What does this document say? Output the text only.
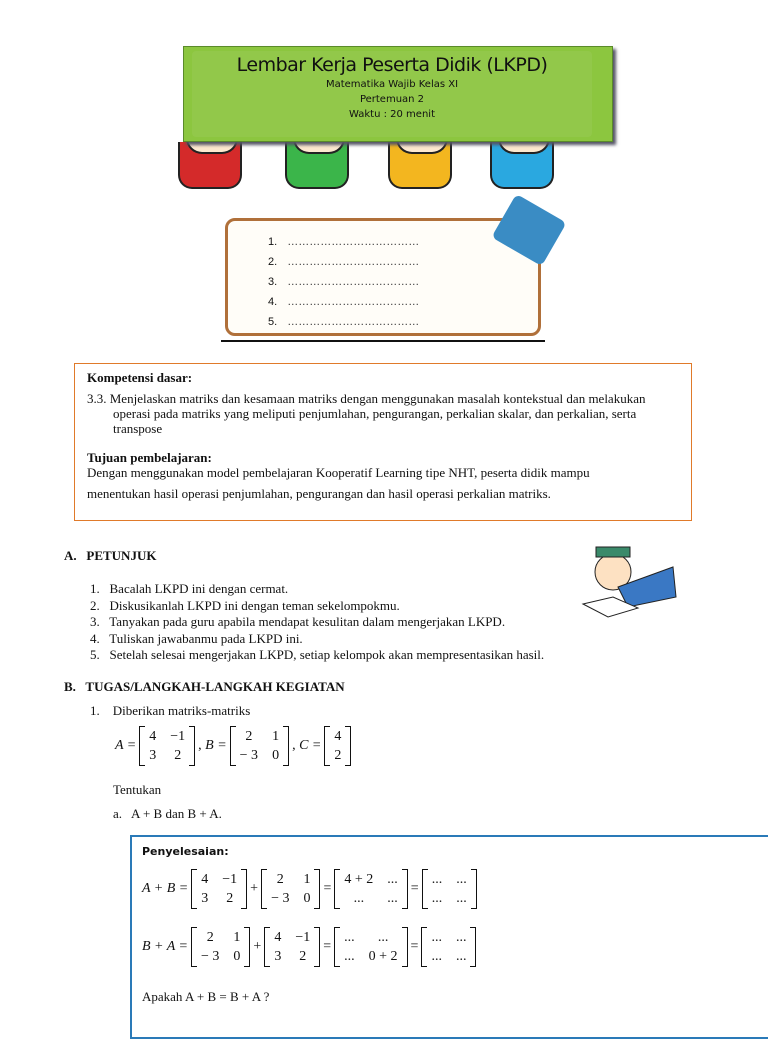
Lembar Kerja Peserta Didik (LKPD)
Matematika Wajib Kelas XI
Pertemuan 2
Waktu : 20 menit
1. ………………………………
2. ………………………………
3. ………………………………
4. ………………………………
5. ………………………………

Kompetensi dasar:

3.3. Menjelaskan matriks dan kesamaan matriks dengan menggunakan masalah kontekstual dan melakukan

operasi pada matriks yang meliputi penjumlahan, pengurangan, perkalian skalar, dan perkalian, serta

transpose

Tujuan pembelajaran:

Dengan menggunakan model pembelajaran Kooperatif Learning tipe NHT, peserta didik mampu

menentukan hasil operasi penjumlahan, pengurangan dan hasil operasi perkalian matriks.

A.   PETUNJUK
1.   Bacalah LKPD ini dengan cermat.
2.   Diskusikanlah LKPD ini dengan teman sekelompokmu.
3.   Tanyakan pada guru apabila mendapat kesulitan dalam mengerjakan LKPD.
4.   Tuliskan jawabanmu pada LKPD ini.
5.   Setelah selesai mengerjakan LKPD, setiap kelompok akan mempresentasikan hasil.
B.   TUGAS/LANGKAH-LANGKAH KEGIATAN
1.    Diberikan matriks-matriks
A =
4 −1
3 2
, B =
2	1
− 3 0
, C =
4
2
Tentukan
a.   A + B dan B + A.
Penyelesaian:
A + B =
4 −1
3 2
+
2	1
− 3 0
=
4 + 2 ...
...	...
=
... ...
... ...
B + A =
2	1
− 3 0
+
4 −1
3 2
=
...	...
... 0 + 2
=
... ...
... ...
Apakah A + B = B + A ?
